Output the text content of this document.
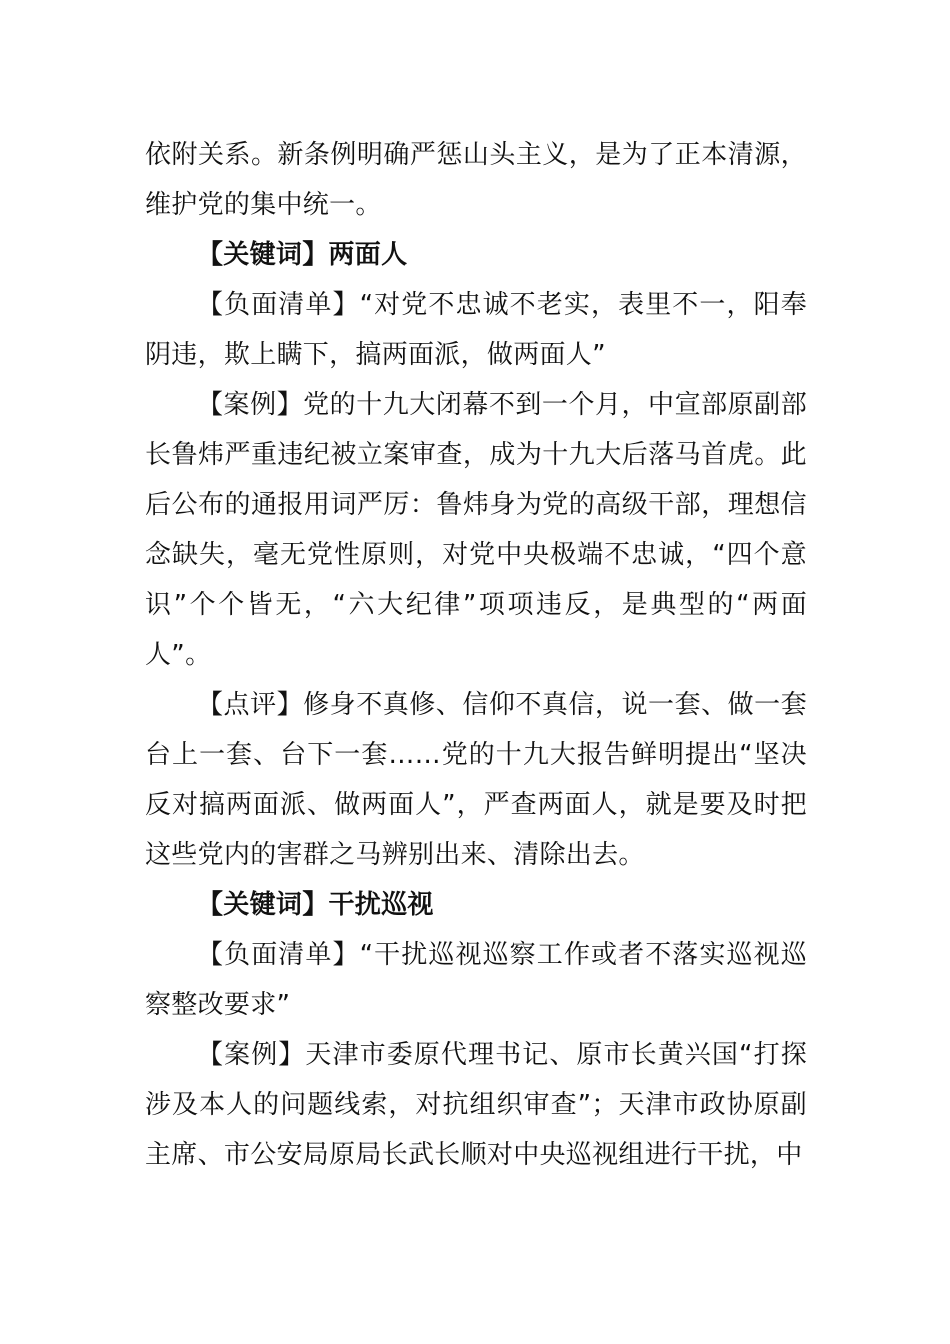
依附关系。新条例明确严惩山头主义，是为了正本清源，维护党的集中统一。

【关键词】两面人

【负面清单】“对党不忠诚不老实，表里不一，阳奉阴违，欺上瞒下，搞两面派，做两面人”

【案例】党的十九大闭幕不到一个月，中宣部原副部长鲁炜严重违纪被立案审查，成为十九大后落马首虎。此后公布的通报用词严厉：鲁炜身为党的高级干部，理想信念缺失，毫无党性原则，对党中央极端不忠诚，“四个意识”个个皆无，“六大纪律”项项违反，是典型的“两面人”。

【点评】修身不真修、信仰不真信，说一套、做一套台上一套、台下一套……党的十九大报告鲜明提出“坚决反对搞两面派、做两面人”，严查两面人，就是要及时把这些党内的害群之马辨别出来、清除出去。

【关键词】干扰巡视

【负面清单】“干扰巡视巡察工作或者不落实巡视巡察整改要求”

【案例】天津市委原代理书记、原市长黄兴国“打探涉及本人的问题线索，对抗组织审查”；天津市政协原副主席、市公安局原局长武长顺对中央巡视组进行干扰，中
